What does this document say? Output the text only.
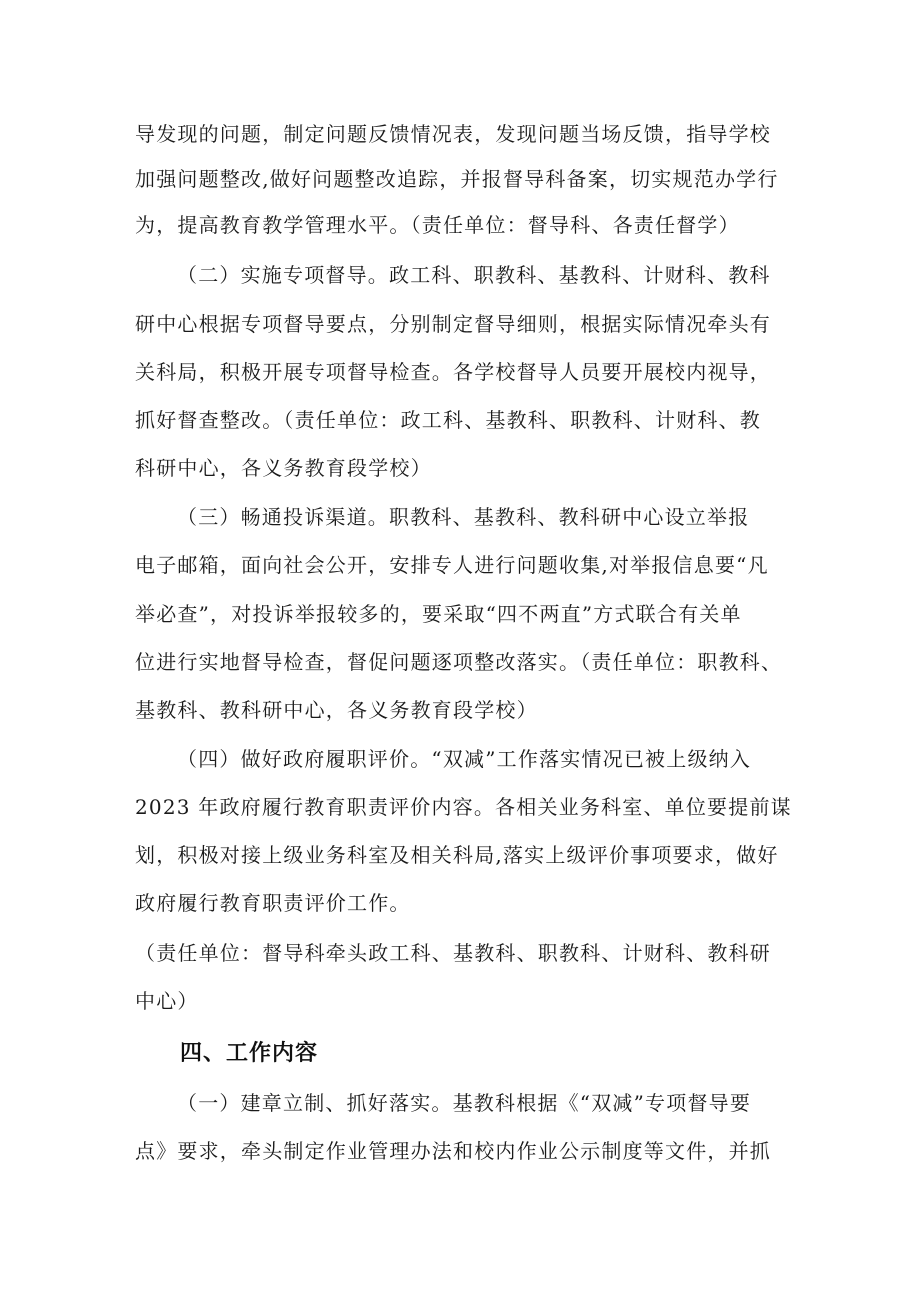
导发现的问题，制定问题反馈情况表，发现问题当场反馈，指导学校
加强问题整改,做好问题整改追踪，并报督导科备案，切实规范办学行
为，提高教育教学管理水平。（责任单位：督导科、各责任督学）
（二）实施专项督导。政工科、职教科、基教科、计财科、教科
研中心根据专项督导要点，分别制定督导细则，根据实际情况牵头有
关科局，积极开展专项督导检查。各学校督导人员要开展校内视导，
抓好督查整改。（责任单位：政工科、基教科、职教科、计财科、教
科研中心，各义务教育段学校）
（三）畅通投诉渠道。职教科、基教科、教科研中心设立举报
电子邮箱，面向社会公开，安排专人进行问题收集,对举报信息要“凡
举必查”，对投诉举报较多的，要采取“四不两直”方式联合有关单
位进行实地督导检查，督促问题逐项整改落实。（责任单位：职教科、
基教科、教科研中心，各义务教育段学校）
（四）做好政府履职评价。“双减”工作落实情况已被上级纳入
2023 年政府履行教育职责评价内容。各相关业务科室、单位要提前谋
划，积极对接上级业务科室及相关科局,落实上级评价事项要求，做好
政府履行教育职责评价工作。
（责任单位：督导科牵头政工科、基教科、职教科、计财科、教科研
中心）
四、工作内容
（一）建章立制、抓好落实。基教科根据《“双减”专项督导要
点》要求，牵头制定作业管理办法和校内作业公示制度等文件，并抓
